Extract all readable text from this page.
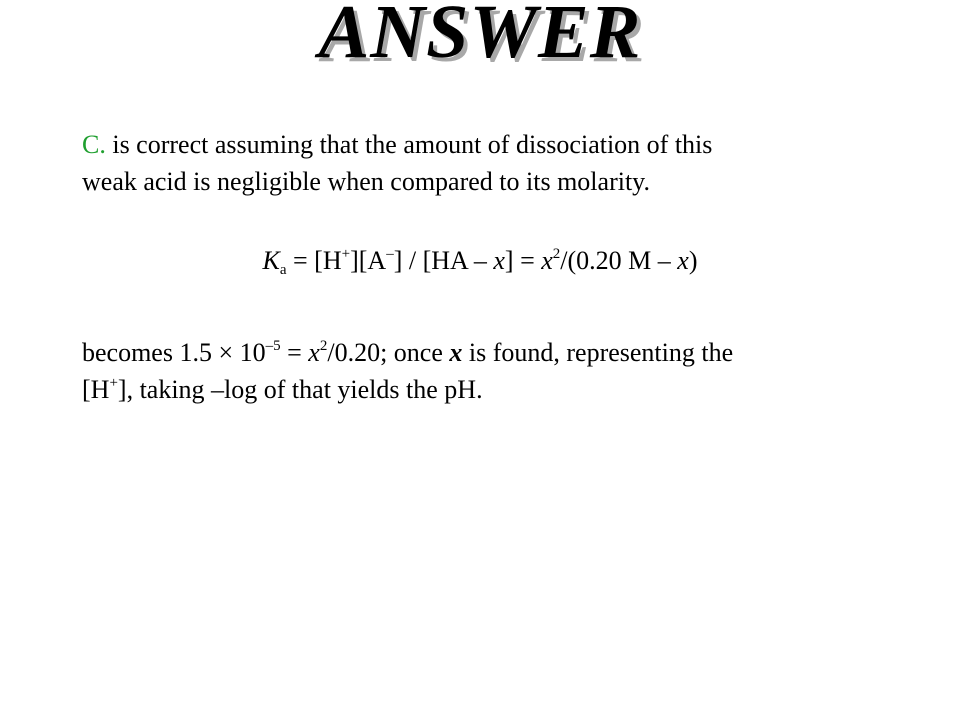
ANSWER
C. is correct assuming that the amount of dissociation of this
weak acid is negligible when compared to its molarity.
$K_a = [H^+][A^-] / [HA - x] = x^2/(0.20$ M – x)
becomes $1.5 \times 10^{-5} = x^2/0.20$; once x is found, representing the
[H+], taking –log of that yields the pH.
